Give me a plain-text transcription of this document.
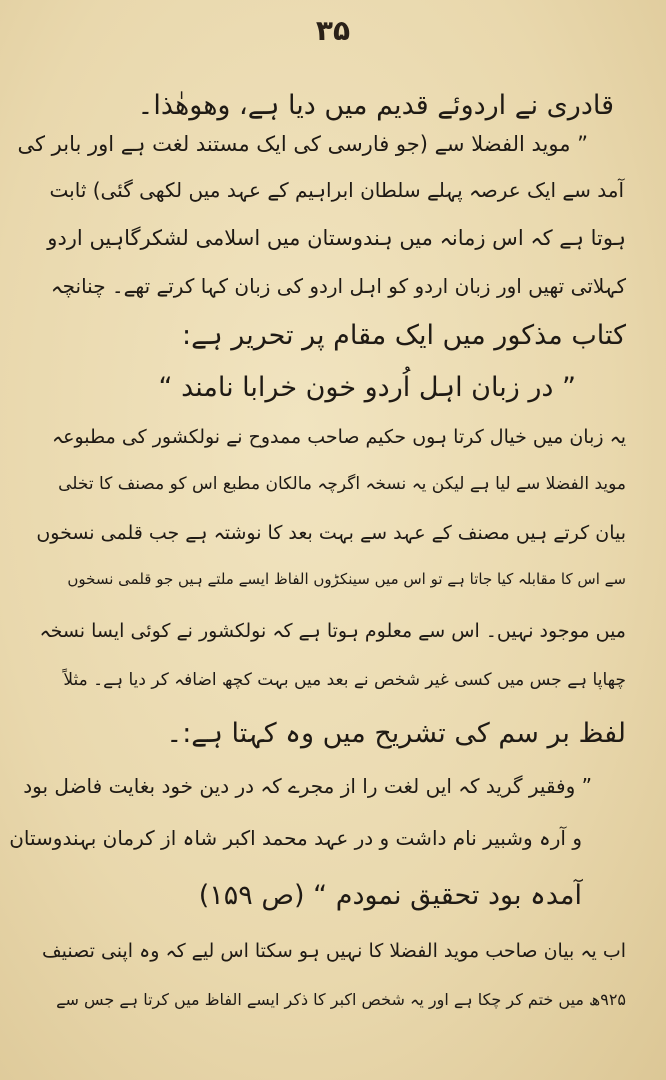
۳۵
قادری نے اردوئے قدیم میں دیا ہے، وھوھٰذا۔
” موید الفضلا سے (جو فارسی کی ایک مستند لغت ہے اور بابر کی
آمد سے ایک عرصہ پہلے سلطان ابراہیم کے عہد میں لکھی گئی) ثابت
ہوتا ہے کہ اس زمانہ میں ہندوستان میں اسلامی لشکرگاہیں اردو
کہلاتی تھیں اور زبان اردو کو اہل اردو کی زبان کہا کرتے تھے۔ چنانچہ
کتاب مذکور میں ایک مقام پر تحریر ہے:
” در زبان اہل اُردو خون خرابا نامند “
یہ زبان میں خیال کرتا ہوں حکیم صاحب ممدوح نے نولکشور کی مطبوعہ
موید الفضلا سے لیا ہے لیکن یہ نسخہ اگرچہ مالکان مطبع اس کو مصنف کا تخلی
بیان کرتے ہیں مصنف کے عہد سے بہت بعد کا نوشتہ ہے جب قلمی نسخوں
سے اس کا مقابلہ کیا جاتا ہے تو اس میں سینکڑوں الفاظ ایسے ملتے ہیں جو قلمی نسخوں
میں موجود نہیں۔ اس سے معلوم ہوتا ہے کہ نولکشور نے کوئی ایسا نسخہ
چھاپا ہے جس میں کسی غیر شخص نے بعد میں بہت کچھ اضافہ کر دیا ہے۔ مثلاً
لفظ بر سم کی تشریح میں وہ کہتا ہے:۔
” وفقیر گرید کہ ایں لغت را از مجرے کہ در دین خود بغایت فاضل بود
و آرہ وشبیر نام داشت و در عہد محمد اکبر شاہ از کرمان بہندوستان
آمدہ بود تحقیق نمودم “ (ص ۱۵۹)
اب یہ بیان صاحب موید الفضلا کا نہیں ہو سکتا اس لیے کہ وہ اپنی تصنیف
۹۲۵ھ میں ختم کر چکا ہے اور یہ شخص اکبر کا ذکر ایسے الفاظ میں کرتا ہے جس سے
